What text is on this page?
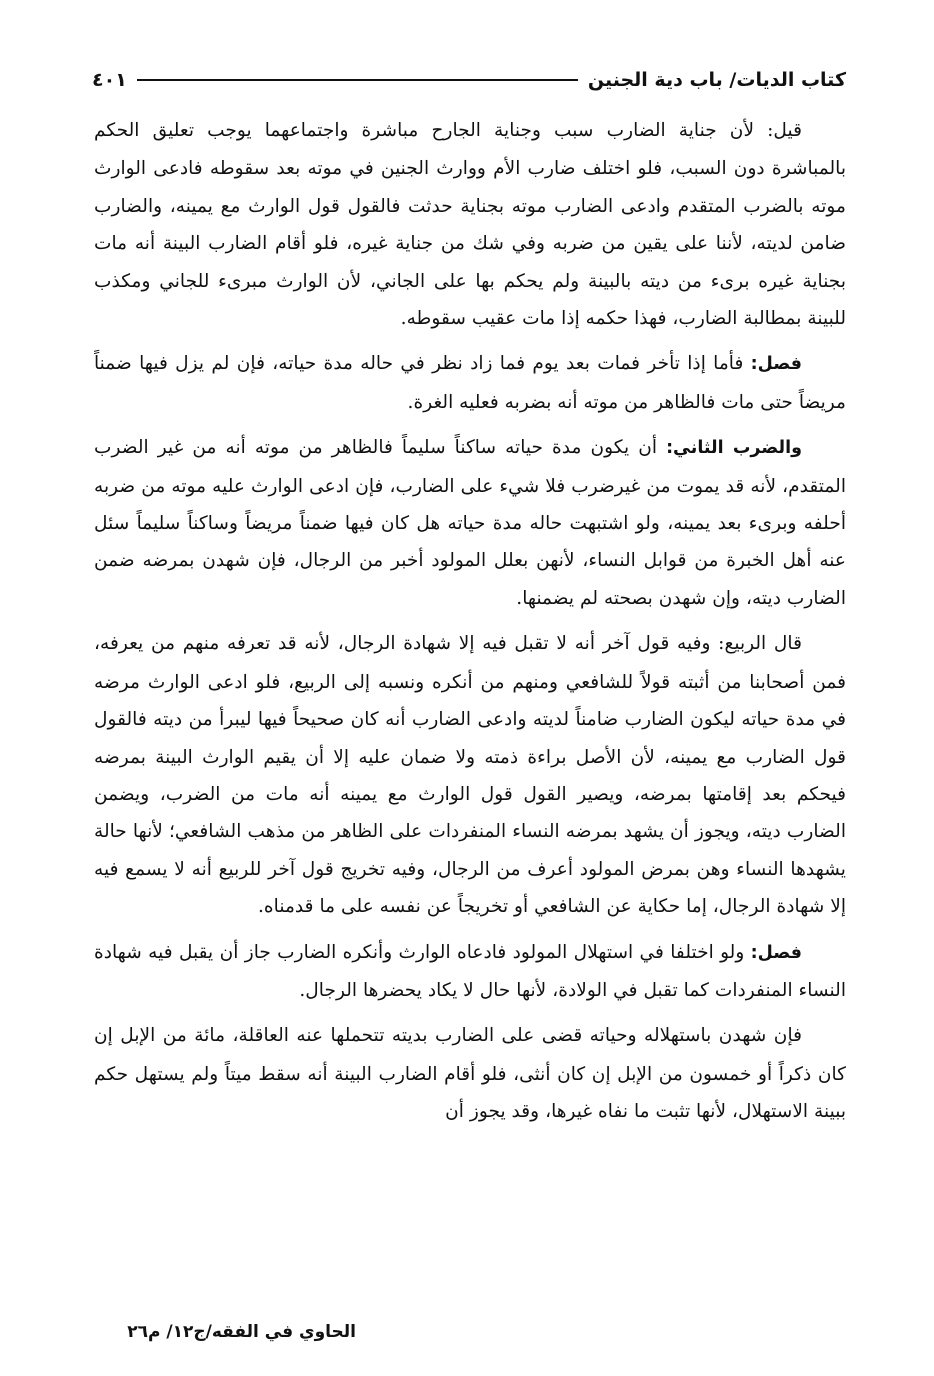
كتاب الديات/ باب دية الجنين
٤٠١

قيل: لأن جناية الضارب سبب وجناية الجارح مباشرة واجتماعهما يوجب تعليق الحكم بالمباشرة دون السبب، فلو اختلف ضارب الأم ووارث الجنين في موته بعد سقوطه فادعى الوارث موته بالضرب المتقدم وادعى الضارب موته بجناية حدثت فالقول قول الوارث مع يمينه، والضارب ضامن لديته، لأننا على يقين من ضربه وفي شك من جناية غيره، فلو أقام الضارب البينة أنه مات بجناية غيره برىء من ديته بالبينة ولم يحكم بها على الجاني، لأن الوارث مبرىء للجاني ومكذب للبينة بمطالبة الضارب، فهذا حكمه إذا مات عقيب سقوطه.

فصل: فأما إذا تأخر فمات بعد يوم فما زاد نظر في حاله مدة حياته، فإن لم يزل فيها ضمناً مريضاً حتى مات فالظاهر من موته أنه بضربه فعليه الغرة.

والضرب الثاني: أن يكون مدة حياته ساكناً سليماً فالظاهر من موته أنه من غير الضرب المتقدم، لأنه قد يموت من غيرضرب فلا شيء على الضارب، فإن ادعى الوارث عليه موته من ضربه أحلفه وبرىء بعد يمينه، ولو اشتبهت حاله مدة حياته هل كان فيها ضمناً مريضاً وساكناً سليماً سئل عنه أهل الخبرة من قوابل النساء، لأنهن بعلل المولود أخبر من الرجال، فإن شهدن بمرضه ضمن الضارب ديته، وإن شهدن بصحته لم يضمنها.

قال الربيع: وفيه قول آخر أنه لا تقبل فيه إلا شهادة الرجال، لأنه قد تعرفه منهم من يعرفه، فمن أصحابنا من أثبته قولاً للشافعي ومنهم من أنكره ونسبه إلى الربيع، فلو ادعى الوارث مرضه في مدة حياته ليكون الضارب ضامناً لديته وادعى الضارب أنه كان صحيحاً فيها ليبرأ من ديته فالقول قول الضارب مع يمينه، لأن الأصل براءة ذمته ولا ضمان عليه إلا أن يقيم الوارث البينة بمرضه فيحكم بعد إقامتها بمرضه، ويصير القول قول الوارث مع يمينه أنه مات من الضرب، ويضمن الضارب ديته، ويجوز أن يشهد بمرضه النساء المنفردات على الظاهر من مذهب الشافعي؛ لأنها حالة يشهدها النساء وهن بمرض المولود أعرف من الرجال، وفيه تخريج قول آخر للربيع أنه لا يسمع فيه إلا شهادة الرجال، إما حكاية عن الشافعي أو تخريجاً عن نفسه على ما قدمناه.

فصل: ولو اختلفا في استهلال المولود فادعاه الوارث وأنكره الضارب جاز أن يقبل فيه شهادة النساء المنفردات كما تقبل في الولادة، لأنها حال لا يكاد يحضرها الرجال.

فإن شهدن باستهلاله وحياته قضى على الضارب بديته تتحملها عنه العاقلة، مائة من الإبل إن كان ذكراً أو خمسون من الإبل إن كان أنثى، فلو أقام الضارب البينة أنه سقط ميتاً ولم يستهل حكم ببينة الاستهلال، لأنها تثبت ما نفاه غيرها، وقد يجوز أن

الحاوي في الفقه/ج١٢/ م٢٦
